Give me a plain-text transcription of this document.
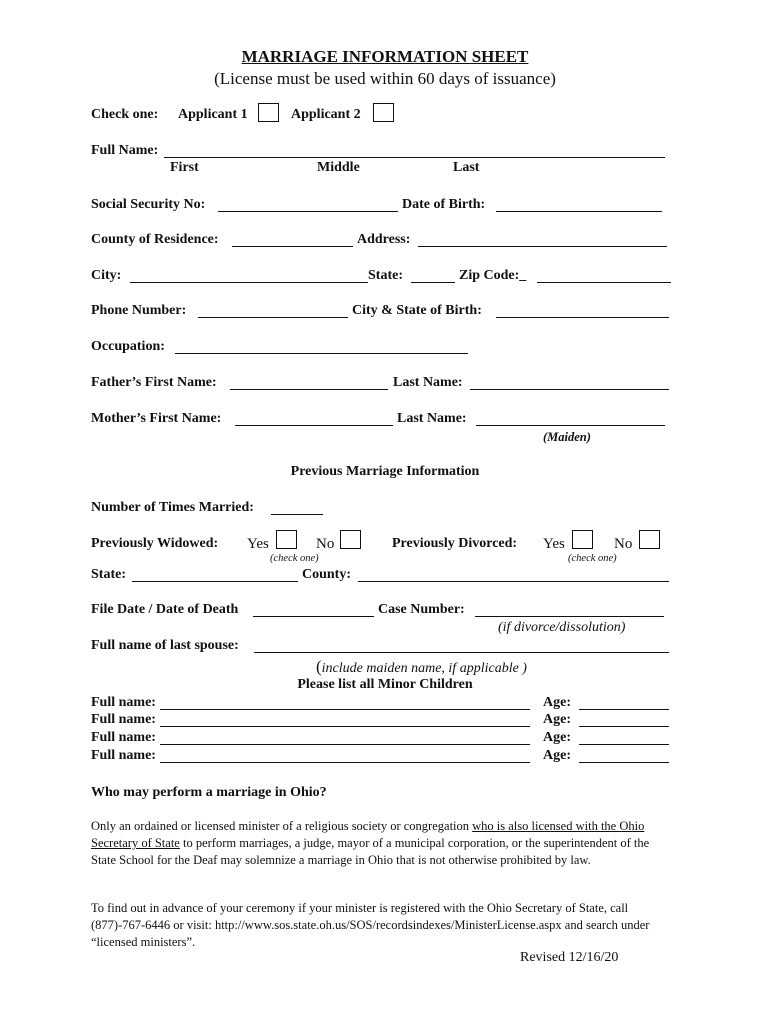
MARRIAGE INFORMATION SHEET
(License must be used within 60 days of issuance)
Check one: Applicant 1	Applicant 2
Full Name:
First	Middle	Last
Social Security No:	Date of Birth:
County of Residence:	Address:
City:	State:	Zip Code:_
Phone Number:	City & State of Birth:
Occupation:
Father’s First Name:	Last Name:
Mother’s First Name:	Last Name:
(Maiden)
Previous Marriage Information
Number of Times Married:
Previously Widowed: Yes	No
(check one)
Previously Divorced: Yes	No
(check one)
State:	County:
File Date / Date of Death	Case Number:
(if divorce/dissolution)
Full name of last spouse:
(include maiden name, if applicable )
Please list all Minor Children
Full name:	Age:
Full name:	Age:
Full name:	Age:
Full name:	Age:
Who may perform a marriage in Ohio?
Only an ordained or licensed minister of a religious society or congregation who is also licensed with the Ohio Secretary of State to perform marriages, a judge, mayor of a municipal corporation, or the superintendent of the State School for the Deaf may solemnize a marriage in Ohio that is not otherwise prohibited by law.
To find out in advance of your ceremony if your minister is registered with the Ohio Secretary of State, call (877)-767-6446 or visit: http://www.sos.state.oh.us/SOS/recordsindexes/MinisterLicense.aspx and search under “licensed ministers”.
Revised 12/16/20
